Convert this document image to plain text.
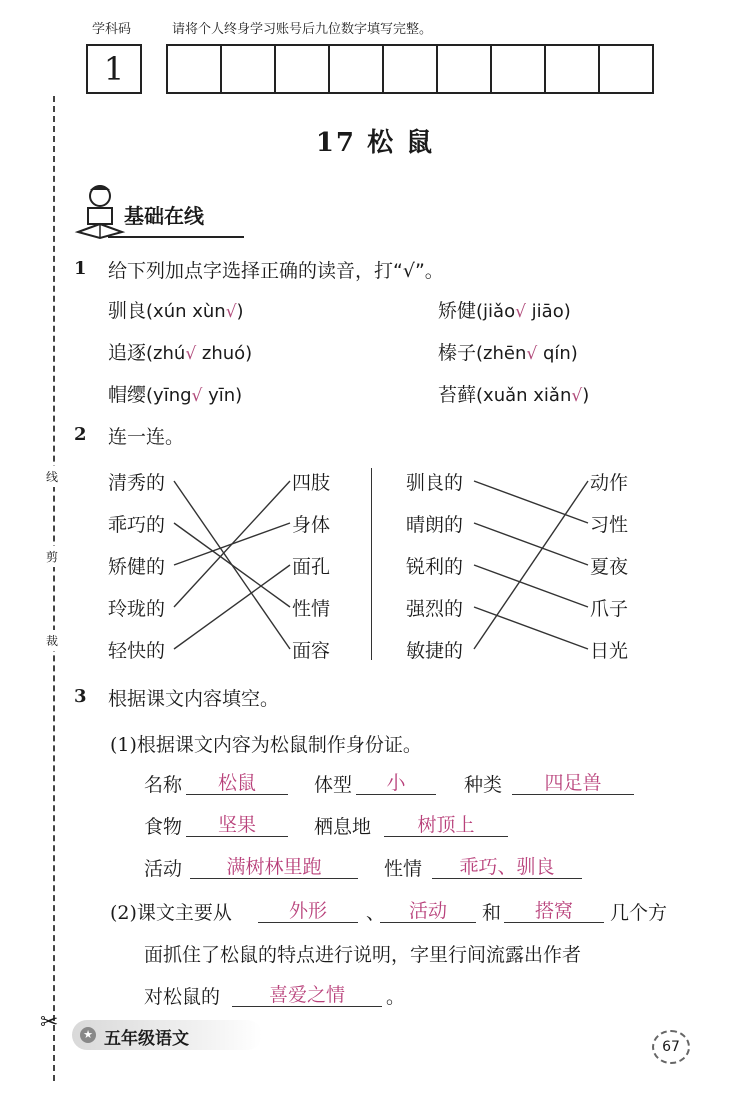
学科码	请将个人终身学习账号后九位数字填写完整。
1
线
剪
裁
✂
17 松 鼠
基础在线
1 给下列加点字选择正确的读音，打“√”。
驯良(xún xùn√)	矫健(jiǎo√ jiāo)
追逐(zhú√ zhuó)	榛子(zhēn√ qín)
帽缨(yīng√ yīn)	苔藓(xuǎn xiǎn√)
2 连一连。
清秀的
乖巧的
矫健的
玲珑的
轻快的
四肢
身体
面孔
性情
面容
驯良的
晴朗的
锐利的
强烈的
敏捷的
动作
习性
夏夜
爪子
日光
3 根据课文内容填空。
(1)根据课文内容为松鼠制作身份证。
名称	松鼠	体型	小	种类	四足兽
食物	坚果	栖息地	树顶上
活动	满树林里跑	性情	乖巧、驯良
(2)课文主要从	外形	、	活动	和	搭窝	几个方
面抓住了松鼠的特点进行说明，字里行间流露出作者
对松鼠的	喜爱之情	。
★ 五年级语文	67
